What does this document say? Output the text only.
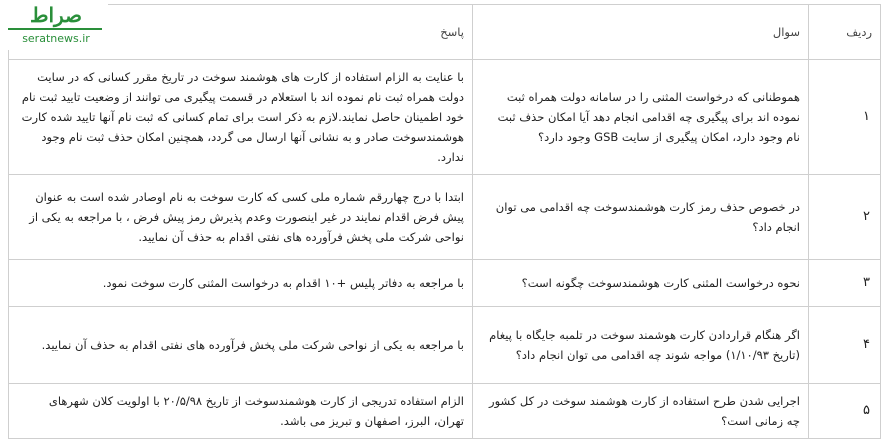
صراط
seratnews.ir	ردیف	سوال	پاسخ
۱	هموطنانی که درخواست المثنی را در سامانه دولت همراه ثبت نموده اند برای پیگیری چه اقدامی انجام دهد آیا امکان حذف ثبت نام وجود دارد، امکان پیگیری از سایت GSB وجود دارد؟	با عنایت به الزام استفاده از کارت های هوشمند سوخت در تاریخ مقرر کسانی که در سایت دولت همراه ثبت نام نموده اند با استعلام در قسمت پیگیری می توانند از وضعیت تایید ثبت نام خود اطمینان حاصل نمایند.لازم به ذکر است برای تمام کسانی که ثبت نام آنها تایید شده کارت هوشمندسوخت صادر و به نشانی آنها ارسال می گردد، همچنین امکان حذف ثبت نام وجود ندارد.
۲	در خصوص حذف رمز کارت هوشمندسوخت چه اقدامی می توان انجام داد؟	ابتدا با درج چهاررقم شماره ملی کسی که کارت سوخت به نام اوصادر شده است به عنوان پیش فرض اقدام نمایند در غیر اینصورت وعدم پذیرش رمز پیش فرض ، با مراجعه به یکی از نواحی شرکت ملی پخش فرآورده های نفتی اقدام به حذف آن نمایید.
۳	نحوه درخواست المثنی کارت هوشمندسوخت چگونه است؟	با مراجعه به دفاتر پلیس +۱۰ اقدام به درخواست المثنی کارت سوخت نمود.
۴	اگر هنگام قراردادن کارت هوشمند سوخت در تلمبه جایگاه با پیغام (تاریخ ۱/۱۰/۹۳) مواجه شوند چه اقدامی می توان انجام داد؟	با مراجعه به یکی از نواحی شرکت ملی پخش فرآورده های نفتی اقدام به حذف آن نمایید.
۵	اجرایی شدن طرح استفاده از کارت هوشمند سوخت در کل کشور چه زمانی است؟	الزام استفاده تدریجی از کارت هوشمندسوخت از تاریخ ۲۰/۵/۹۸ با اولویت کلان شهرهای تهران، البرز، اصفهان و تبریز می باشد.
